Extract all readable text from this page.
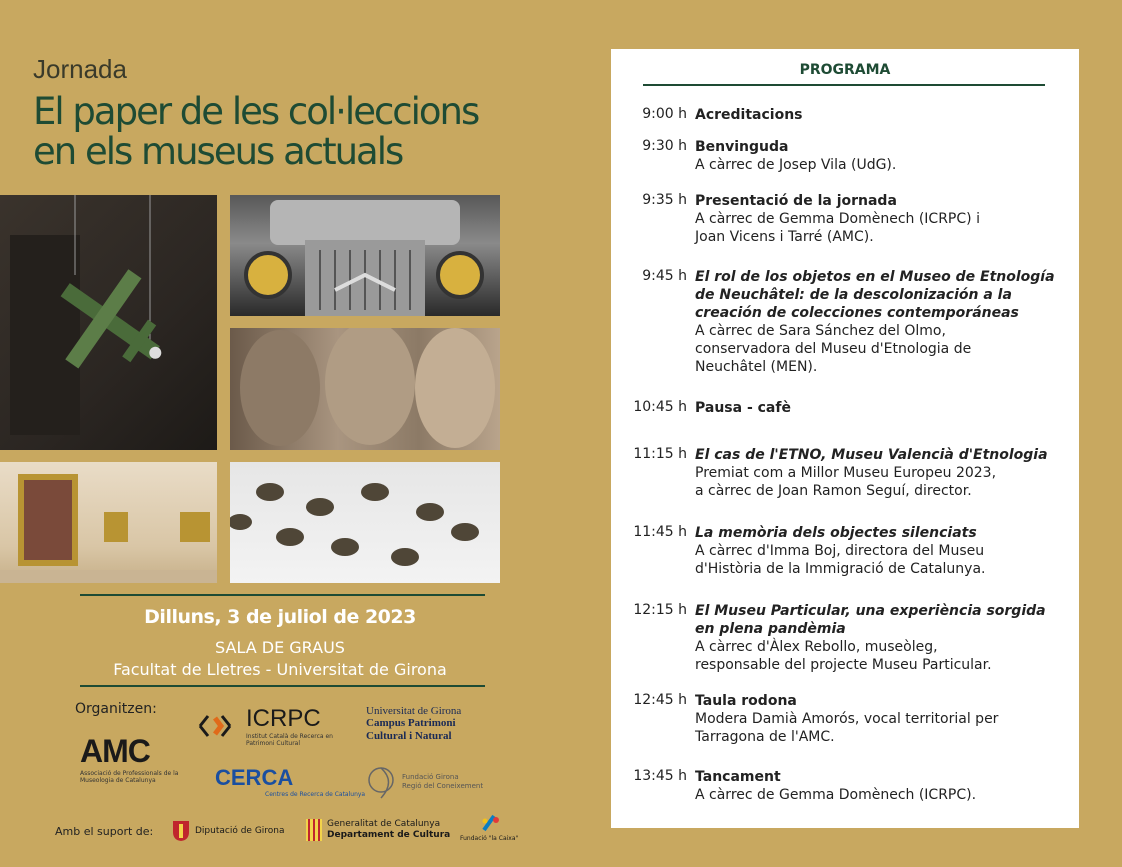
Jornada
El paper de les col·leccions
en els museus actuals
Dilluns, 3 de juliol de 2023
SALA DE GRAUS
Facultat de Lletres - Universitat de Girona
Organitzen:
AMC
Associació de Professionals de la Museologia de Catalunya
ICRPC
Institut Català de Recerca en Patrimoni Cultural
CERCA
Centres de Recerca de Catalunya
Universitat de Girona
Campus Patrimoni Cultural i Natural
Fundació Girona
Regió del Coneixement
Amb el suport de:	Diputació de Girona
Generalitat de Catalunya
Departament de Cultura Fundació "la Caixa"
PROGRAMA
9:00 h Acreditacions
9:30 h Benvinguda
A càrrec de Josep Vila (UdG).
9:35 h Presentació de la jornada
A càrrec de Gemma Domènech (ICRPC) i
Joan Vicens i Tarré (AMC).
9:45 h El rol de los objetos en el Museo de Etnología
de Neuchâtel: de la descolonización a la
creación de colecciones contemporáneas
A càrrec de Sara Sánchez del Olmo,
conservadora del Museu d'Etnologia de
Neuchâtel (MEN).
10:45 h Pausa - cafè
11:15 h El cas de l'ETNO, Museu Valencià d'Etnologia
Premiat com a Millor Museu Europeu 2023,
a càrrec de Joan Ramon Seguí, director.
11:45 h La memòria dels objectes silenciats
A càrrec d'Imma Boj, directora del Museu
d'Història de la Immigració de Catalunya.
12:15 h El Museu Particular, una experiència sorgida
en plena pandèmia
A càrrec d'Àlex Rebollo, museòleg,
responsable del projecte Museu Particular.
12:45 h Taula rodona
Modera Damià Amorós, vocal territorial per
Tarragona de l'AMC.
13:45 h Tancament
A càrrec de Gemma Domènech (ICRPC).
